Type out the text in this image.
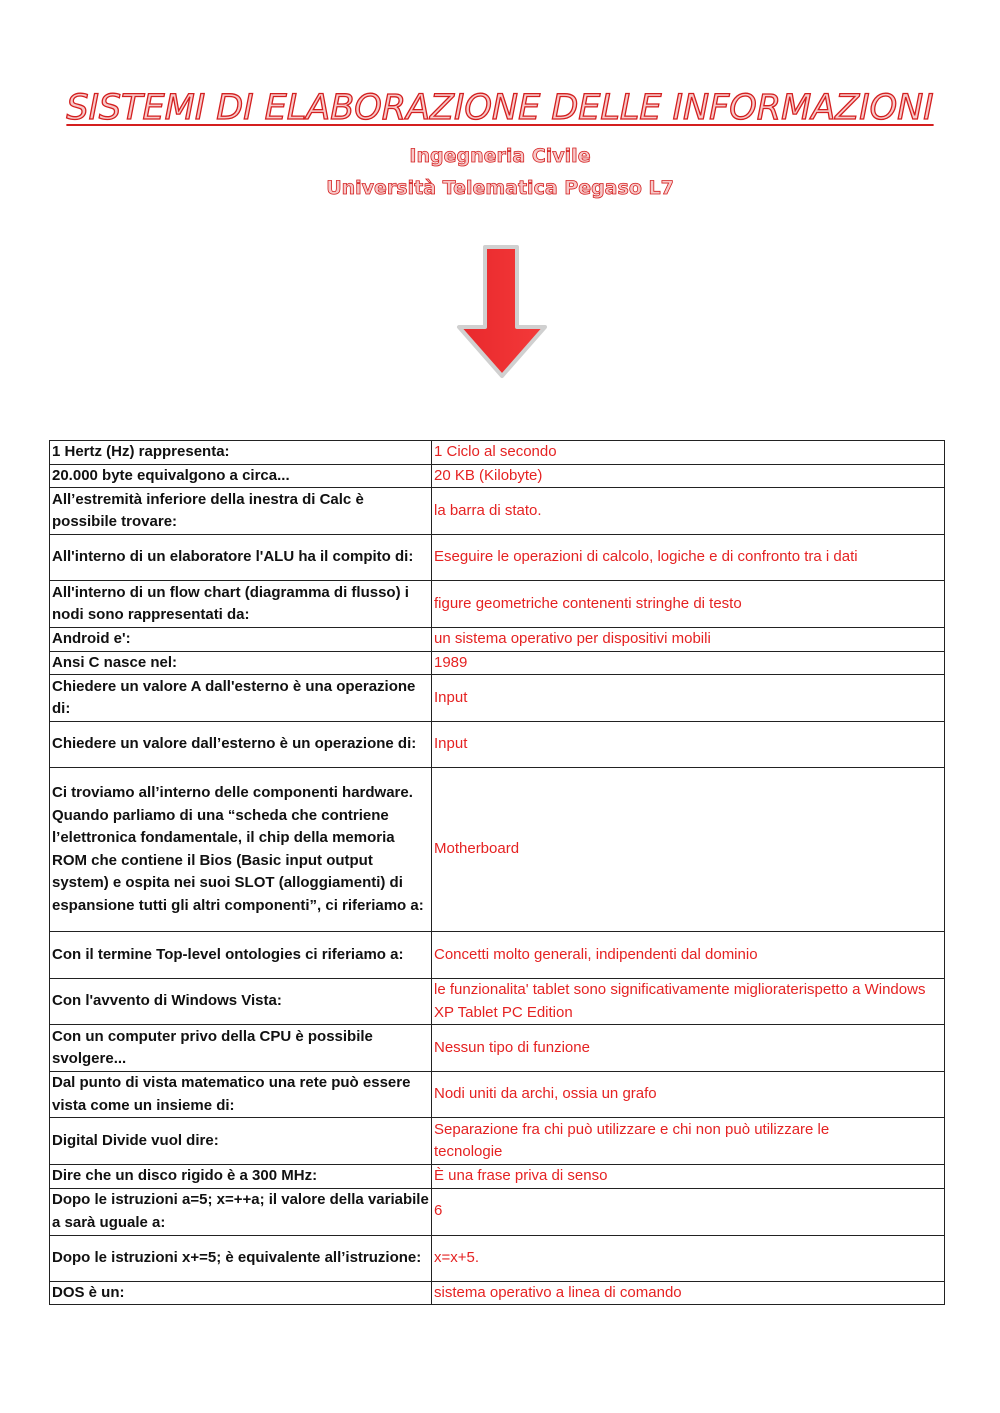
SISTEMI DI ELABORAZIONE DELLE INFORMAZIONI
Ingegneria Civile
Università Telematica Pegaso L7
1 Hertz (Hz) rappresenta:	1 Ciclo al secondo
20.000 byte equivalgono a circa...	20 KB (Kilobyte)
All’estremità inferiore della inestra di Calc è possibile trovare:	la barra di stato.
All'interno di un elaboratore l'ALU ha il compito di:	Eseguire le operazioni di calcolo, logiche e di confronto tra i dati
All'interno di un flow chart (diagramma di flusso) i nodi sono rappresentati da:	figure geometriche contenenti stringhe di testo
Android e':	un sistema operativo per dispositivi mobili
Ansi C nasce nel:	1989
Chiedere un valore A dall'esterno è una operazione di:	Input
Chiedere un valore dall’esterno è un operazione di:	Input
Ci troviamo all’interno delle componenti hardware. Quando parliamo di una “scheda che contriene l’elettronica fondamentale, il chip della memoria ROM che contiene il Bios (Basic input output system) e ospita nei suoi SLOT (alloggiamenti) di espansione tutti gli altri componenti”, ci riferiamo a:	Motherboard
Con il termine Top-level ontologies ci riferiamo a:	Concetti molto generali, indipendenti dal dominio
Con l'avvento di Windows Vista:	le funzionalita' tablet sono significativamente miglioraterispetto a Windows XP Tablet PC Edition
Con un computer privo della CPU è possibile svolgere...	Nessun tipo di funzione
Dal punto di vista matematico una rete può essere vista come un insieme di:	Nodi uniti da archi, ossia un grafo
Digital Divide vuol dire:	Separazione fra chi può utilizzare e chi non può utilizzare le tecnologie
Dire che un disco rigido è a 300 MHz:	È una frase priva di senso
Dopo le istruzioni a=5; x=++a; il valore della variabile a sarà uguale a:	6
Dopo le istruzioni x+=5; è equivalente all’istruzione:	x=x+5.
DOS è un:	sistema operativo a linea di comando
